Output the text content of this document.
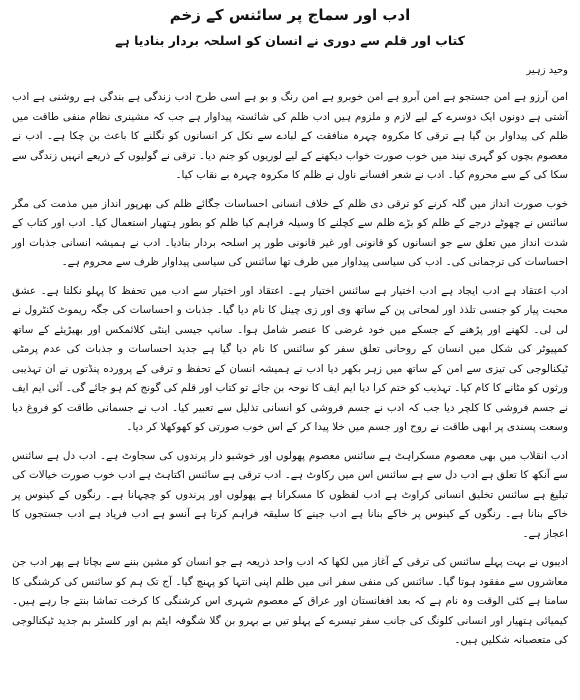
ادب اور سماج پر سائنس کے زخم
کتاب اور قلم سے دوری نے انسان کو اسلحہ بردار بنادیا ہے
وحید زہیر

امن آرزو ہے امن جستجو ہے امن آبرو ہے امن خوبرو ہے امن رنگ و بو ہے اسی طرح ادب زندگی ہے بندگی ہے روشنی ہے ادب آشتی ہے دونوں ایک دوسرے کے لیے لازم و ملزوم ہیں ادب ظلم کی شائستہ پیداوار ہے جب کہ مشینری نظام منفی طاقت میں ظلم کی پیداوار بن گیا ہے ترقی کا مکروہ چہرہ منافقت کے لبادے سے نکل کر انسانوں کو نگلنے کا باعث بن چکا ہے۔ ادب نے معصوم بچوں کو گہری نیند میں خوب صورت خواب دیکھنے کے لیے لوریوں کو جنم دیا۔ ترقی نے گولیوں کے ذریعے انہیں زندگی سے سکا کی کے سے محروم کیا۔ ادب نے شعر افسانے ناول نے ظلم کا مکروہ چہرہ بے نقاب کیا۔

خوب صورت انداز میں گلہ کرنے کو ترقی دی ظلم کے خلاف انسانی احساسات جگائے ظلم کی بھرپور انداز میں مذمت کی مگر سائنس نے چھوٹے درجے کے ظلم کو بڑے ظلم سے کچلنے کا وسیلہ فراہم کیا ظلم کو بطور ہتھیار استعمال کیا۔ ادب اور کتاب کے شدت انداز میں تعلق سے جو انسانوں کو قانونی اور غیر قانونی طور پر اسلحہ بردار بنادیا۔ ادب نے ہمیشہ انسانی جذبات اور احساسات کی ترجمانی کی۔ ادب کی سیاسی پیداوار میں طرف تھا سائنس کی سیاسی پیداوار ظرف سے محروم ہے۔

ادب اعتقاد ہے ادب ایجاد ہے ادب اختیار ہے سائنس اختیار ہے۔ اعتقاد اور اختیار سے ادب میں تحفظ کا پہلو نکلتا ہے۔ عشق محبت پیار کو جنسی تلذذ اور لمحاتی پن کے ساتھ وی اور زی چینل کا نام دیا گیا۔ جذبات و احساسات کی جگہ ریموٹ کنٹرول نے لی لی۔ لکھنے اور پڑھنے کے جسکے میں خود غرضی کا عنصر شامل ہوا۔ سانپ جیسی اینٹی کلائمکس اور بھیڑیئے کے ساتھ کمپیوٹر کی شکل میں انسان کے روحانی تعلق سفر کو سائنس کا نام دیا گیا ہے جدید احساسات و جذبات کی عدم پرمٹی ٹیکنالوجی کی تیزی سے امن کے ساتھ میں زہر بکھر دیا ادب نے ہمیشہ انسان کے تحفظ و ترقی کے پرورده پنڈتوں نے ان تہذیبی ورثوں کو مٹانے کا کام کیا۔ تہذیب کو ختم کرا دیا ایم ایف کا نوحہ بن جائے تو کتاب اور قلم کی گونج کم ہو جائے گی۔ آئی ایم ایف نے جسم فروشی کا کلچر دیا جب کہ ادب نے جسم فروشی کو انسانی تذلیل سے تعبیر کیا۔ ادب نے جسمانی طاقت کو فروغ دیا وسعت پسندی پر ابھی طاقت نے روح اور جسم میں خلا پیدا کر کے اس خوب صورتی کو کھوکھلا کر دیا۔

ادب انقلاب میں بھی معصوم مسکراہٹ ہے سائنس معصوم پھولوں اور خوشبو دار پرندوں کی سجاوٹ ہے۔ ادب دل ہے سائنس سے آنکھ کا تعلق ہے ادب دل سے ہے سائنس اس میں رکاوٹ ہے۔ ادب ترقی ہے سائنس اکتاہٹ ہے ادب خوب صورت خیالات کی تبلیغ ہے سائنس تخلیق انسانی کراوٹ ہے ادب لفظوں کا مسکرانا ہے پھولوں اور پرندوں کو چچہانا ہے۔ رنگوں کے کینوس پر خاکے بنانا ہے۔ رنگوں کے کینوس پر خاکے بنانا ہے ادب جینے کا سلیقہ فراہم کرتا ہے آنسو ہے ادب فریاد ہے ادب جستجوں کا اعجاز ہے۔

ادیبوں نے بہت پہلے سائنس کی ترقی کے آغاز میں لکھا کہ ادب واحد ذریعہ ہے جو انسان کو مشین بننے سے بچاتا ہے پھر ادب جن معاشروں سے مفقود ہوتا گیا۔ سائنس کی منفی سفر انی میں ظلم اپنی انتہا کو پہنچ گیا۔ آج تک ہم کو سائنس کی کرشنگی کا سامنا ہے کئی الوقت وہ نام ہے کہ بعد افغانستان اور عراق کے معصوم شہری اس کرشنگی کا کرخت تماشا بنتے جا رہے ہیں۔ کیمیائی ہتھیار اور انسانی کلونگ کی جانب سفر تیسرے کے پہلو تیں بے بہرو بن گلا شگوفہ ایٹم بم اور کلسٹر بم جدید ٹیکنالوجی کی متعصبانہ شکلیں ہیں۔
